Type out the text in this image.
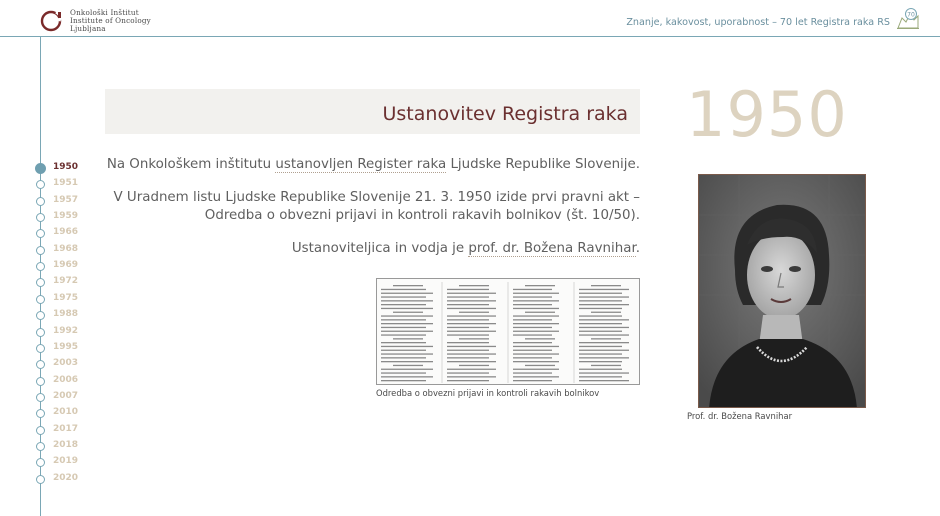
Onkološki Inštitut
Institute of Oncology
Ljubljana
Znanje, kakovost, uporabnost – 70 let Registra raka RS
70
1950
1951
1957
1959
1966
1968
1969
1972
1975
1988
1992
1995
2003
2006
2007
2010
2017
2018
2019
2020
Ustanovitev Registra raka 1950

Na Onkološkem inštitutu ustanovljen Register raka Ljudske Republike Slovenije.

V Uradnem listu Ljudske Republike Slovenije 21. 3. 1950 izide prvi pravni akt – Odredba o obvezni prijavi in kontroli rakavih bolnikov (št. 10/50).

Ustanoviteljica in vodja je prof. dr. Božena Ravnihar.

Odredba o obvezni prijavi in kontroli rakavih bolnikov
Prof. dr. Božena Ravnihar
